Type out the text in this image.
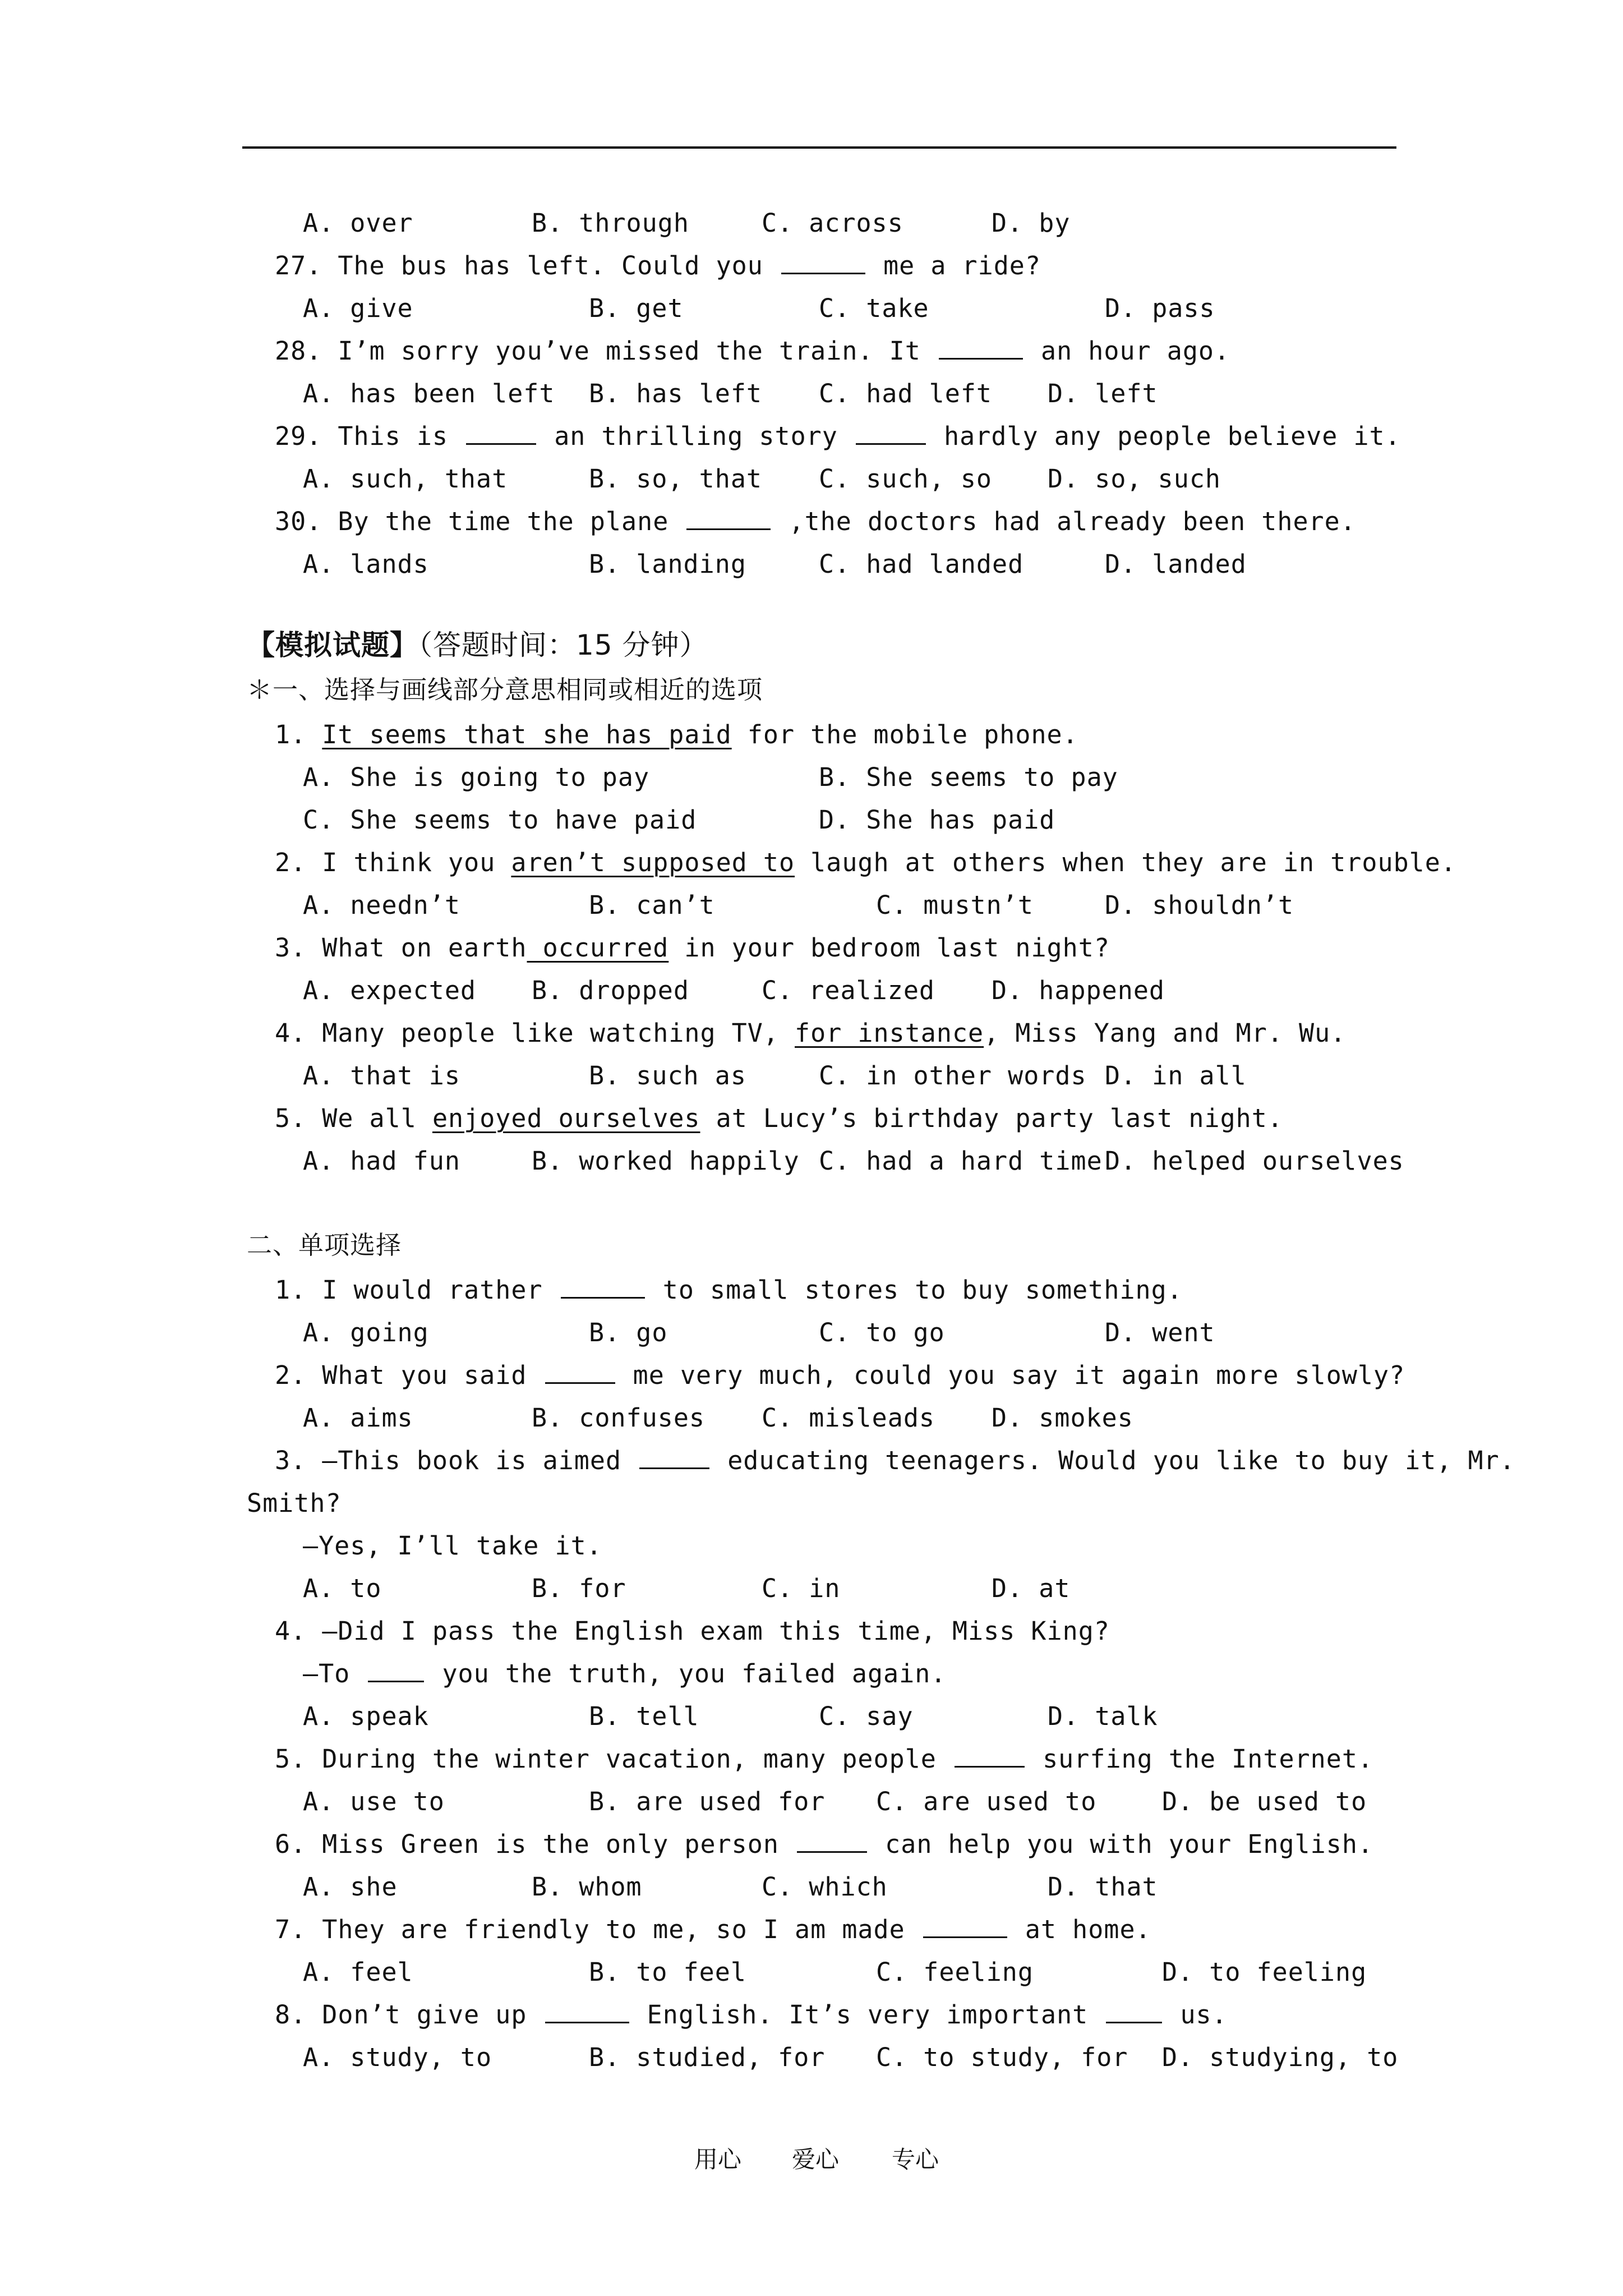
A. over	B. through	C. across	D. by
27. The bus has left. Could you	me a ride?
A. give	B. get	C. take	D. pass
28. I’m sorry you’ve missed the train. It	an hour ago.
A. has been left B. has left C. had left D. left
29. This is	an thrilling story	hardly any people believe it.
A. such, that	B. so, that C. such, so D. so, such
30. By the time the plane	,the doctors had already been there.
A. lands	B. landing	C. had landed	D. landed
【模拟试题】（答题时间：15 分钟）
＊一、选择与画线部分意思相同或相近的选项
1. It seems that she has paid for the mobile phone.
A. She is going to pay	B. She seems to pay
C. She seems to have paid	D. She has paid
2. I think you aren’t supposed to laugh at others when they are in trouble.
A. needn’t	B. can’t	C. mustn’t	D. shouldn’t
3. What on earth occurred in your bedroom last night?
A. expected B. dropped	C. realized D. happened
4. Many people like watching TV, for instance, Miss Yang and Mr. Wu.
A. that is	B. such as	C. in other words D. in all
5. We all enjoyed ourselves at Lucy’s birthday party last night.
A. had fun	B. worked happily C. had a hard time D. helped ourselves
二、单项选择
1. I would rather	to small stores to buy something.
A. going	B. go	C. to go	D. went
2. What you said	me very much, could you say it again more slowly?
A. aims	B. confuses C. misleads D. smokes
3. —This book is aimed	educating teenagers. Would you like to buy it, Mr.
Smith?
—Yes, I’ll take it.
A. to	B. for	C. in	D. at
4. —Did I pass the English exam this time, Miss King?
—To	you the truth, you failed again.
A. speak	B. tell	C. say	D. talk
5. During the winter vacation, many people	surfing the Internet.
A. use to	B. are used for C. are used to	D. be used to
6. Miss Green is the only person	can help you with your English.
A. she	B. whom	C. which	D. that
7. They are friendly to me, so I am made	at home.
A. feel	B. to feel	C. feeling	D. to feeling
8. Don’t give up	English. It’s very important	us.
A. study, to	B. studied, for C. to study, for D. studying, to
用心 爱心 专心
